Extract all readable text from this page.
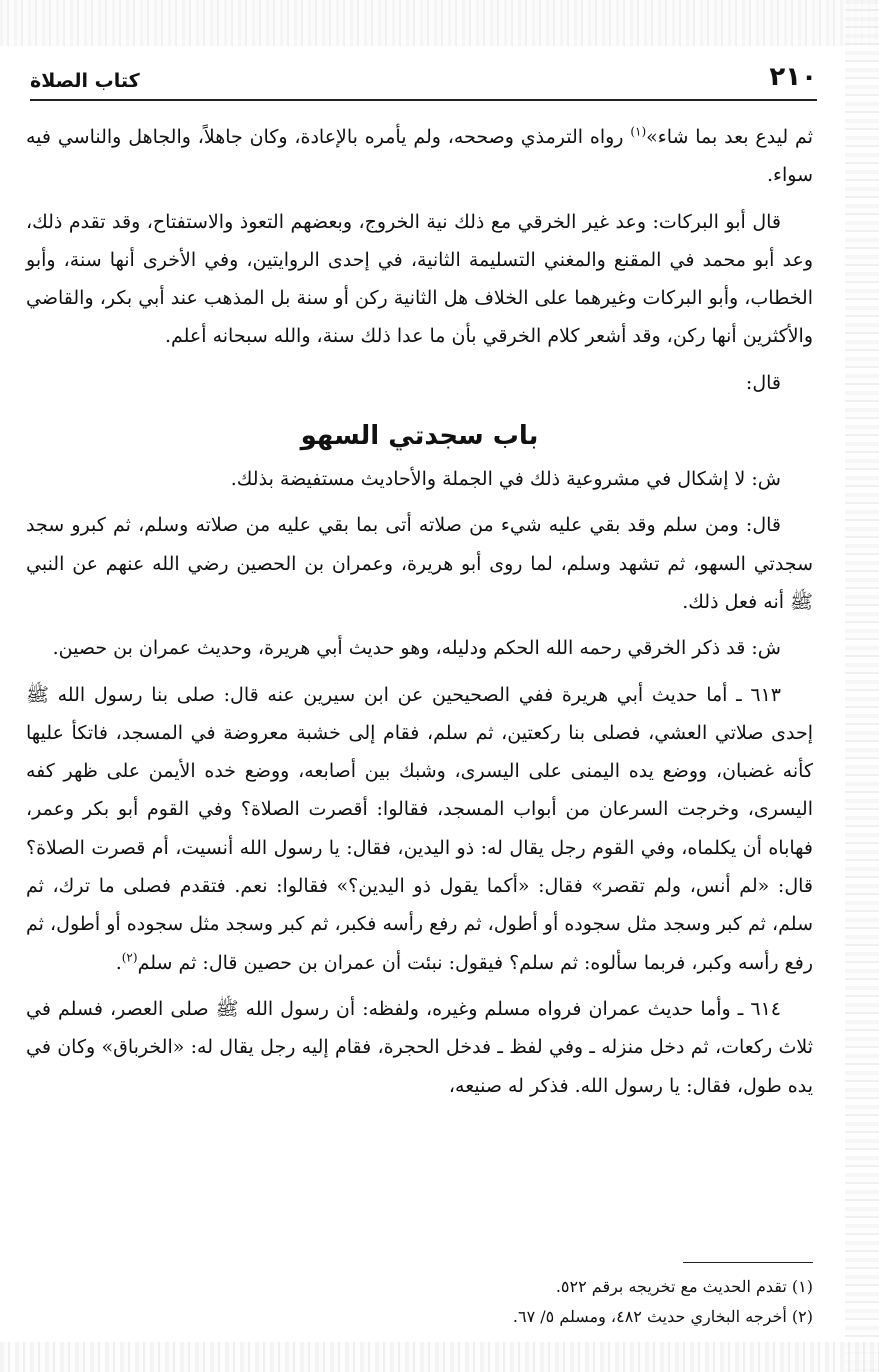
٢١٠
كتاب الصلاة

ثم ليدع بعد بما شاء»$^{(١)}$ رواه الترمذي وصححه، ولم يأمره بالإعادة، وكان جاهلاً، والجاهل والناسي فيه سواء.

قال أبو البركات: وعد غير الخرقي مع ذلك نية الخروج، وبعضهم التعوذ والاستفتاح، وقد تقدم ذلك، وعد أبو محمد في المقنع والمغني التسليمة الثانية، في إحدى الروايتين، وفي الأخرى أنها سنة، وأبو الخطاب، وأبو البركات وغيرهما على الخلاف هل الثانية ركن أو سنة بل المذهب عند أبي بكر، والقاضي والأكثرين أنها ركن، وقد أشعر كلام الخرقي بأن ما عدا ذلك سنة، والله سبحانه أعلم.

قال:

باب سجدتي السهو

ش: لا إشكال في مشروعية ذلك في الجملة والأحاديث مستفيضة بذلك.

قال: ومن سلم وقد بقي عليه شيء من صلاته أتى بما بقي عليه من صلاته وسلم، ثم كبرو سجد سجدتي السهو، ثم تشهد وسلم، لما روى أبو هريرة، وعمران بن الحصين رضي الله عنهم عن النبي ﷺ أنه فعل ذلك.

ش: قد ذكر الخرقي رحمه الله الحكم ودليله، وهو حديث أبي هريرة، وحديث عمران بن حصين.

٦١٣ ـ أما حديث أبي هريرة ففي الصحيحين عن ابن سيرين عنه قال: صلى بنا رسول الله ﷺ إحدى صلاتي العشي، فصلى بنا ركعتين، ثم سلم، فقام إلى خشبة معروضة في المسجد، فاتكأ عليها كأنه غضبان، ووضع يده اليمنى على اليسرى، وشبك بين أصابعه، ووضع خده الأيمن على ظهر كفه اليسرى، وخرجت السرعان من أبواب المسجد، فقالوا: أقصرت الصلاة؟ وفي القوم أبو بكر وعمر، فهاباه أن يكلماه، وفي القوم رجل يقال له: ذو اليدين، فقال: يا رسول الله أنسيت، أم قصرت الصلاة؟ قال: «لم أنس، ولم تقصر» فقال: «أكما يقول ذو اليدين؟» فقالوا: نعم. فتقدم فصلى ما ترك، ثم سلم، ثم كبر وسجد مثل سجوده أو أطول، ثم رفع رأسه فكبر، ثم كبر وسجد مثل سجوده أو أطول، ثم رفع رأسه وكبر، فربما سألوه: ثم سلم؟ فيقول: نبئت أن عمران بن حصين قال: ثم سلم$^{(٢)}$.

٦١٤ ـ وأما حديث عمران فرواه مسلم وغيره، ولفظه: أن رسول الله ﷺ صلى العصر، فسلم في ثلاث ركعات، ثم دخل منزله ـ وفي لفظ ـ فدخل الحجرة، فقام إليه رجل يقال له: «الخرباق» وكان في يده طول، فقال: يا رسول الله. فذكر له صنيعه،

(١) تقدم الحديث مع تخريجه برقم ٥٢٢.
(٢) أخرجه البخاري حديث ٤٨٢، ومسلم ٥/ ٦٧.
